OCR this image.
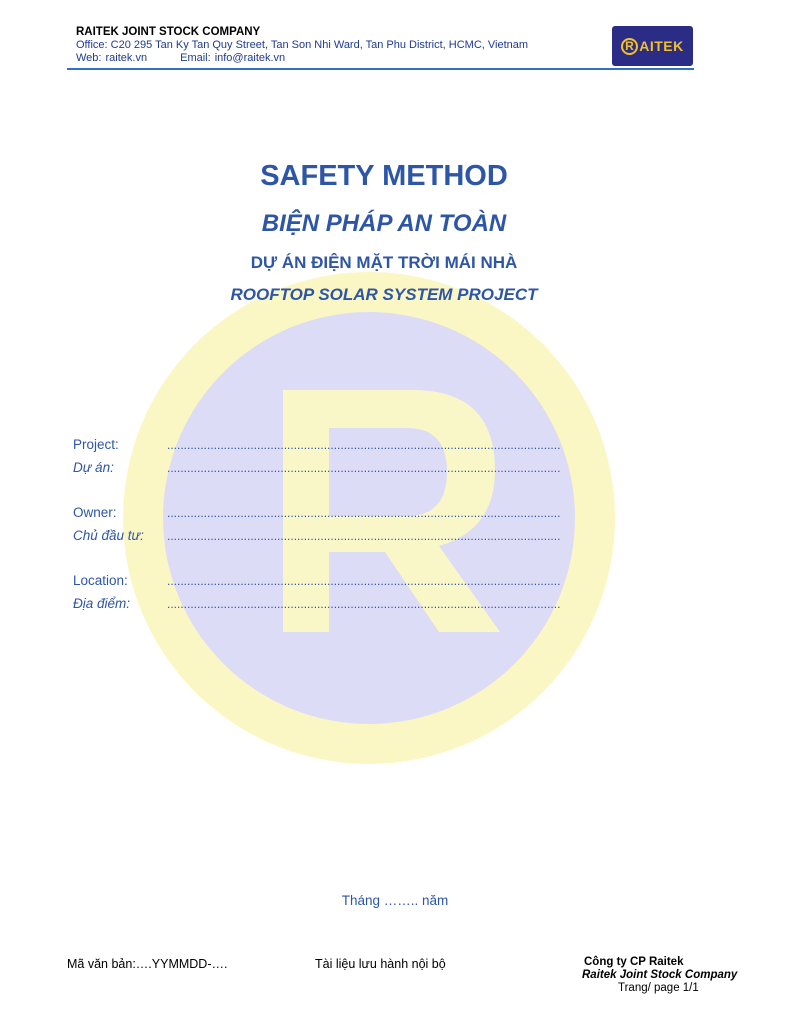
RAITEK JOINT STOCK COMPANY
Office: C20 295 Tan Ky Tan Quy Street, Tan Son Nhi Ward, Tan Phu District, HCMC, Vietnam
Web: raitek.vn	Email: info@raitek.vn
R AITEK
SAFETY METHOD
BIỆN PHÁP AN TOÀN
DỰ ÁN ĐIỆN MẶT TRỜI MÁI NHÀ
ROOFTOP SOLAR SYSTEM PROJECT
Project:	......................................................................................................................
Dự án:	......................................................................................................................
Owner:	......................................................................................................................
Chủ đầu tư:	......................................................................................................................
Location:	......................................................................................................................
Địa điểm:	......................................................................................................................
Tháng …….. năm
Mã văn bản:….YYMMDD-….	Tài liệu lưu hành nội bộ	Công ty CP Raitek
Raitek Joint Stock Company
Trang/ page 1/1
